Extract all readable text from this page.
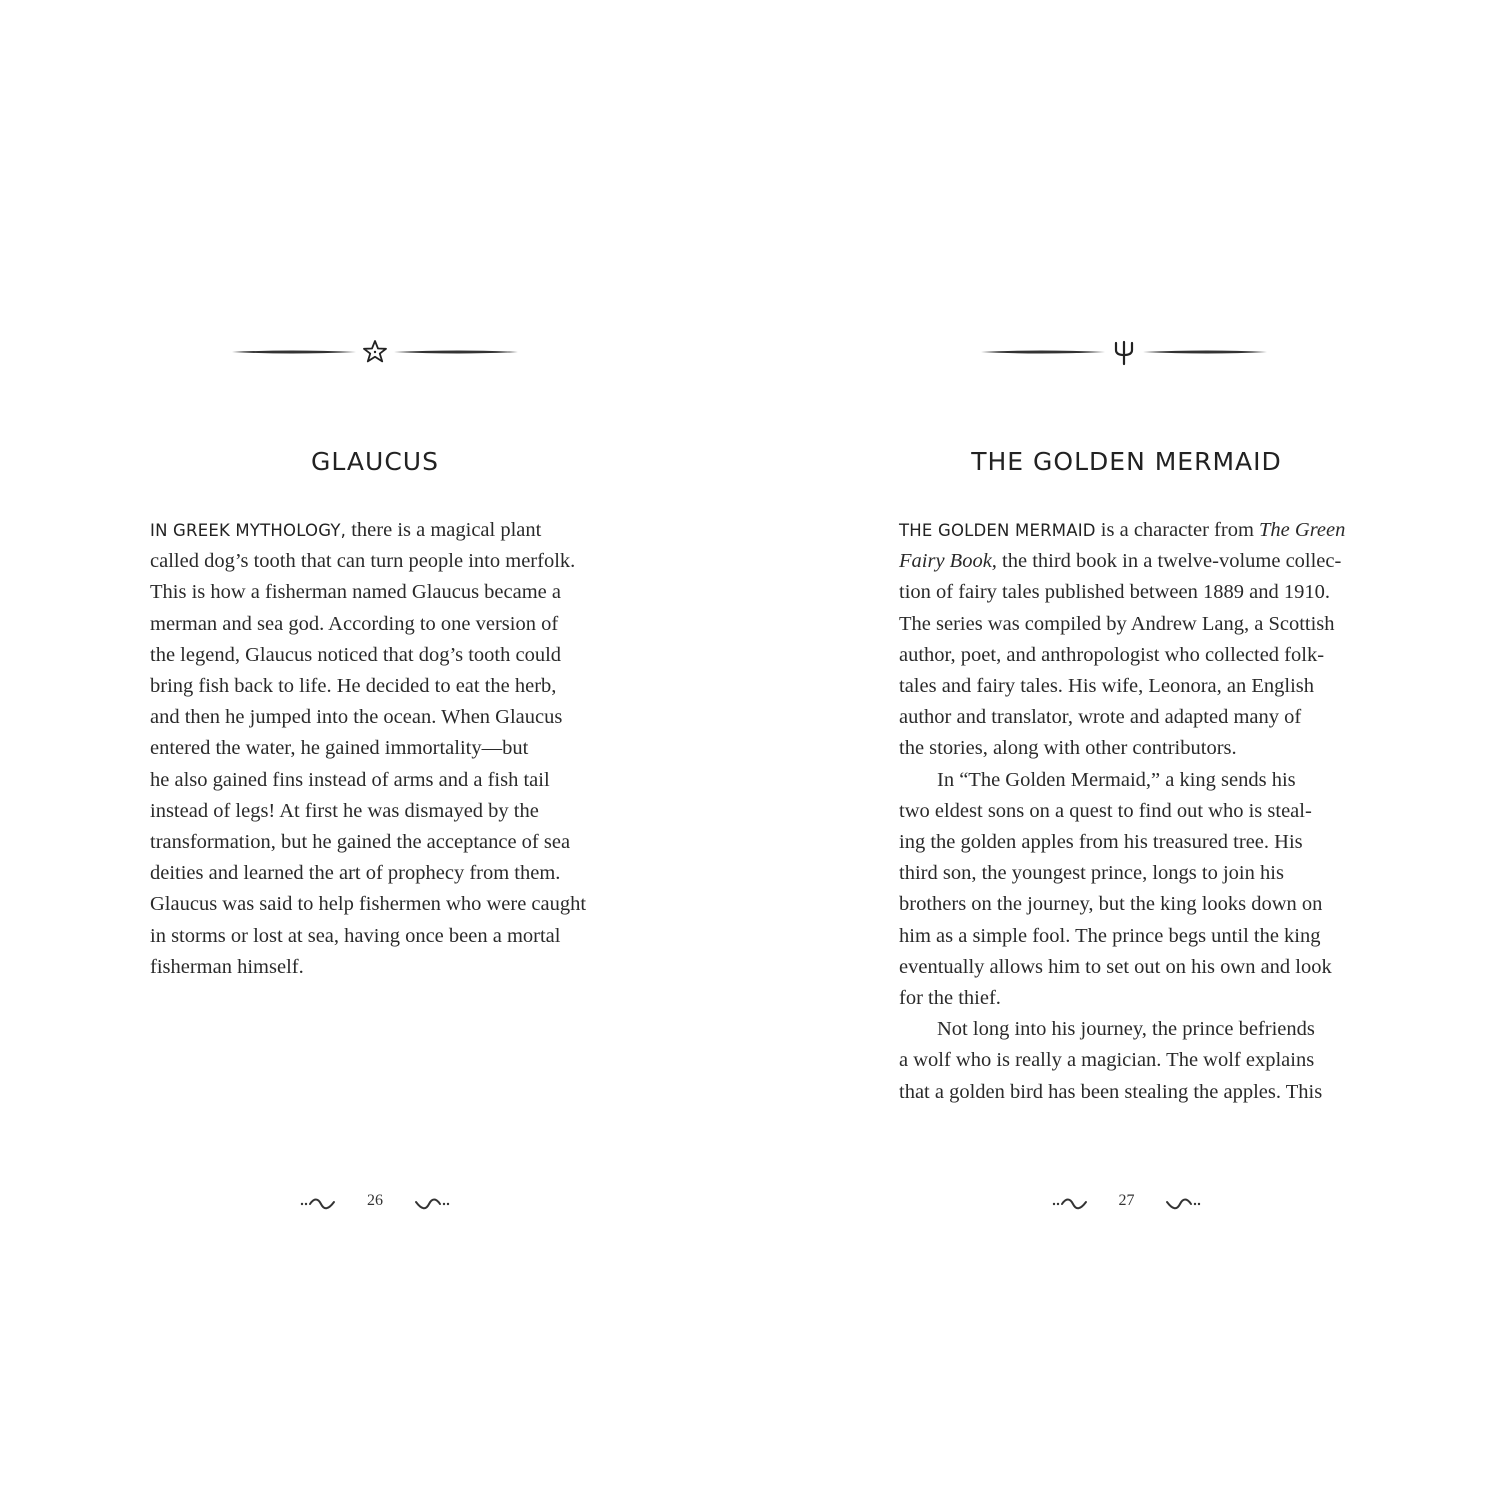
GLAUCUS

IN GREEK MYTHOLOGY, there is a magical plant
called dog’s tooth that can turn people into merfolk.
This is how a fisherman named Glaucus became a
merman and sea god. According to one version of
the legend, Glaucus noticed that dog’s tooth could
bring fish back to life. He decided to eat the herb,
and then he jumped into the ocean. When Glaucus
entered the water, he gained immortality—but
he also gained fins instead of arms and a fish tail
instead of legs! At first he was dismayed by the
transformation, but he gained the acceptance of sea
deities and learned the art of prophecy from them.
Glaucus was said to help fishermen who were caught
in storms or lost at sea, having once been a mortal
fisherman himself.

26
THE GOLDEN MERMAID

THE GOLDEN MERMAID is a character from The Green
Fairy Book, the third book in a twelve-volume collec-
tion of fairy tales published between 1889 and 1910.
The series was compiled by Andrew Lang, a Scottish
author, poet, and anthropologist who collected folk-
tales and fairy tales. His wife, Leonora, an English
author and translator, wrote and adapted many of
the stories, along with other contributors.

In “The Golden Mermaid,” a king sends his
two eldest sons on a quest to find out who is steal-
ing the golden apples from his treasured tree. His
third son, the youngest prince, longs to join his
brothers on the journey, but the king looks down on
him as a simple fool. The prince begs until the king
eventually allows him to set out on his own and look
for the thief.

Not long into his journey, the prince befriends
a wolf who is really a magician. The wolf explains
that a golden bird has been stealing the apples. This

27
